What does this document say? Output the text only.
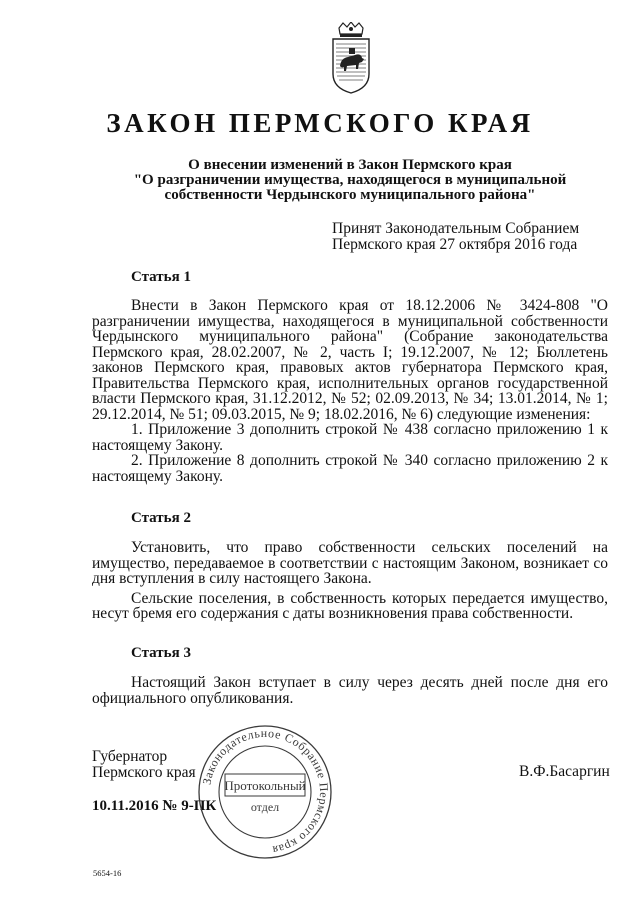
ЗАКОН ПЕРМСКОГО КРАЯ
О внесении изменений в Закон Пермского края
"О разграничении имущества, находящегося в муниципальной
собственности Чердынского муниципального района"
Принят Законодательным Собранием
Пермского края 27 октября 2016 года
Статья 1

Внести в Закон Пермского края от 18.12.2006 № 3424-808 "О разграничении имущества, находящегося в муниципальной собственности Чердынского муниципального района" (Собрание законодательства Пермского края, 28.02.2007, № 2, часть I; 19.12.2007, № 12; Бюллетень законов Пермского края, правовых актов губернатора Пермского края, Правительства Пермского края, исполнительных органов государственной власти Пермского края, 31.12.2012, № 52; 02.09.2013, № 34; 13.01.2014, № 1; 29.12.2014, № 51; 09.03.2015, № 9; 18.02.2016, № 6) следующие изменения:

1. Приложение 3 дополнить строкой № 438 согласно приложению 1 к настоящему Закону.

2. Приложение 8 дополнить строкой № 340 согласно приложению 2 к настоящему Закону.

Статья 2

Установить, что право собственности сельских поселений на имущество, передаваемое в соответствии с настоящим Законом, возникает со дня вступления в силу настоящего Закона.

Сельские поселения, в собственность которых передается имущество, несут бремя его содержания с даты возникновения права собственности.

Статья 3

Настоящий Закон вступает в силу через десять дней после дня его официального опубликования.

Губернатор
Пермского края	В.Ф.Басаргин
10.11.2016 № 9-ПК
Законодательное Собрание Пермского края
Протокольный
отдел
5654-16
